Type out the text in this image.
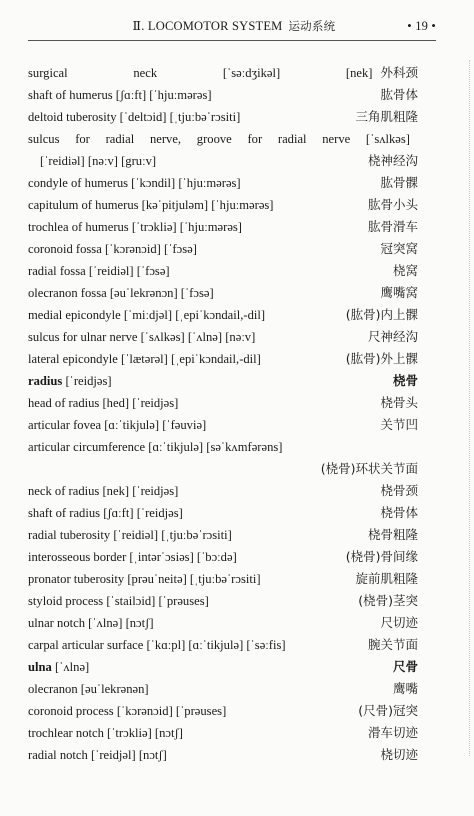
Ⅱ. LOCOMOTOR SYSTEM 运动系统	• 19 •
surgical neck [ˈsəːdʒikəl] [nek] 外科颈
shaft of humerus [ʃɑːft] [ˈhjuːmərəs]	肱骨体
deltoid tuberosity [ˈdeltɔid] [ˌtjuːbəˈrɔsiti]	三角肌粗隆
sulcus for radial nerve, groove for radial nerve [ˈsʌlkəs]
[ˈreidiəl] [nəːv] [gruːv]	桡神经沟
condyle of humerus [ˈkɔndil] [ˈhjuːmərəs]	肱骨髁
capitulum of humerus [kəˈpitjuləm] [ˈhjuːmərəs]	肱骨小头
trochlea of humerus [ˈtrɔkliə] [ˈhjuːmərəs]	肱骨滑车
coronoid fossa [ˈkɔrənɔid] [ˈfɔsə]	冠突窝
radial fossa [ˈreidiəl] [ˈfɔsə]	桡窝
olecranon fossa [əuˈlekrənɔn] [ˈfɔsə]	鹰嘴窝
medial epicondyle [ˈmiːdjəl] [ˌepiˈkɔndail,-dil]	(肱骨)内上髁
sulcus for ulnar nerve [ˈsʌlkəs] [ˈʌlnə] [nəːv]	尺神经沟
lateral epicondyle [ˈlætərəl] [ˌepiˈkɔndail,-dil]	(肱骨)外上髁
radius [ˈreidjəs]	桡骨
head of radius [hed] [ˈreidjəs]	桡骨头
articular fovea [ɑːˈtikjulə] [ˈfəuviə]	关节凹
articular circumference [ɑːˈtikjulə] [səˈkʌmfərəns]
(桡骨)环状关节面
neck of radius [nek] [ˈreidjəs]	桡骨颈
shaft of radius [ʃɑːft] [ˈreidjəs]	桡骨体
radial tuberosity [ˈreidiəl] [ˌtjuːbəˈrɔsiti]	桡骨粗隆
interosseous border [ˌintərˈɔsiəs] [ˈbɔːdə]	(桡骨)骨间缘
pronator tuberosity [prəuˈneitə] [ˌtjuːbəˈrɔsiti]	旋前肌粗隆
styloid process [ˈstailɔid] [ˈprəuses]	(桡骨)茎突
ulnar notch [ˈʌlnə] [nɔtʃ]	尺切迹
carpal articular surface [ˈkɑːpl] [ɑːˈtikjulə] [ˈsəːfis]	腕关节面
ulna [ˈʌlnə]	尺骨
olecranon [əuˈlekrənən]	鹰嘴
coronoid process [ˈkɔrənɔid] [ˈprəuses]	(尺骨)冠突
trochlear notch [ˈtrɔkliə] [nɔtʃ]	滑车切迹
radial notch [ˈreidjəl] [nɔtʃ]	桡切迹
